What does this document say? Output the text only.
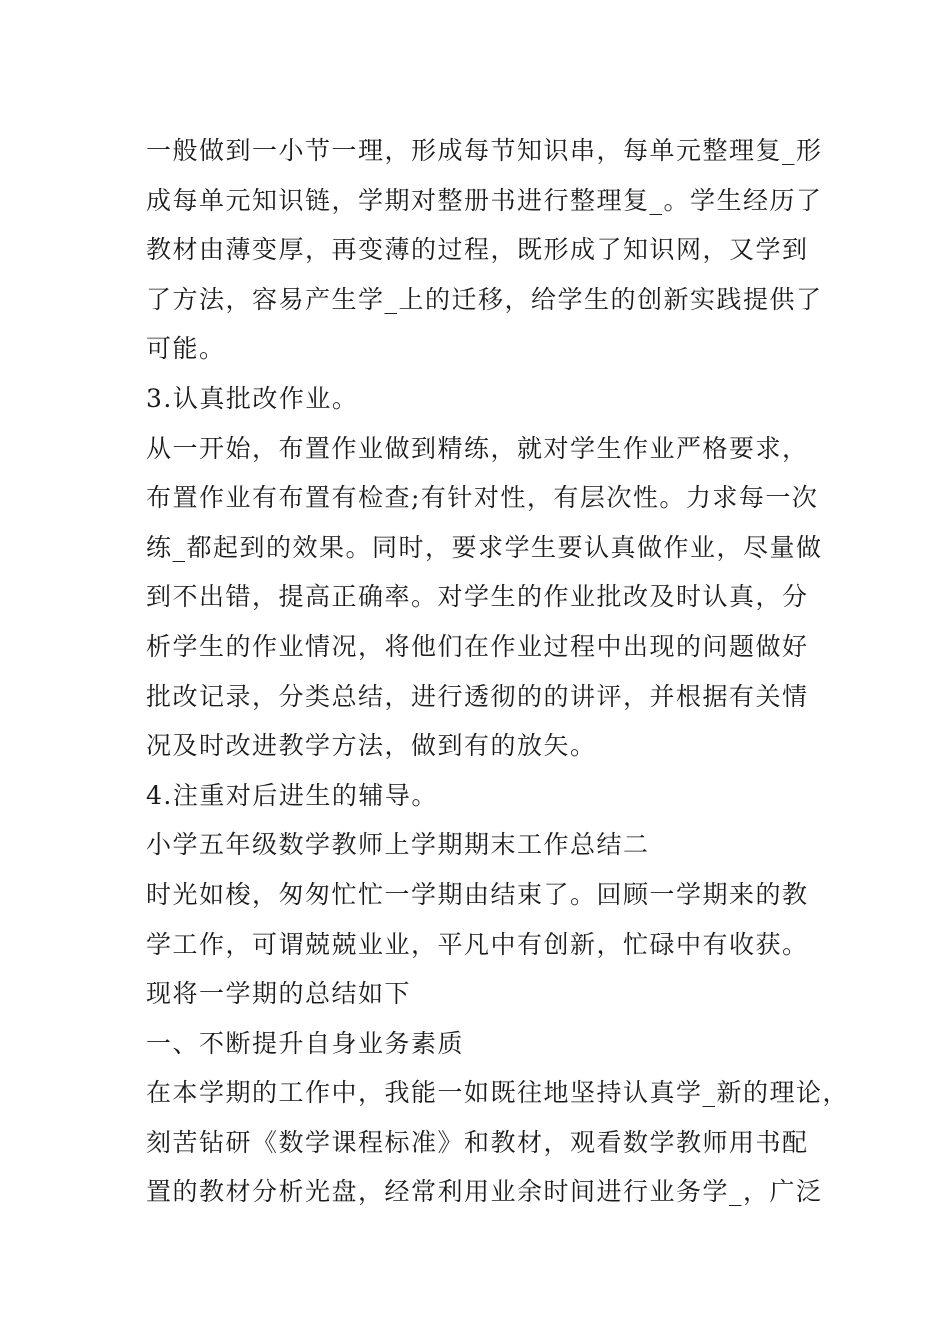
一般做到一小节一理，形成每节知识串，每单元整理复_形
成每单元知识链，学期对整册书进行整理复_。学生经历了
教材由薄变厚，再变薄的过程，既形成了知识网，又学到
了方法，容易产生学_上的迁移，给学生的创新实践提供了
可能。
3.认真批改作业。
从一开始，布置作业做到精练，就对学生作业严格要求，
布置作业有布置有检查;有针对性，有层次性。力求每一次
练_都起到的效果。同时，要求学生要认真做作业，尽量做
到不出错，提高正确率。对学生的作业批改及时认真，分
析学生的作业情况，将他们在作业过程中出现的问题做好
批改记录，分类总结，进行透彻的的讲评，并根据有关情
况及时改进教学方法，做到有的放矢。
4.注重对后进生的辅导。
小学五年级数学教师上学期期末工作总结二
时光如梭，匆匆忙忙一学期由结束了。回顾一学期来的教
学工作，可谓兢兢业业，平凡中有创新，忙碌中有收获。
现将一学期的总结如下
一、不断提升自身业务素质
在本学期的工作中，我能一如既往地坚持认真学_新的理论，
刻苦钻研《数学课程标准》和教材，观看数学教师用书配
置的教材分析光盘，经常利用业余时间进行业务学_，广泛
